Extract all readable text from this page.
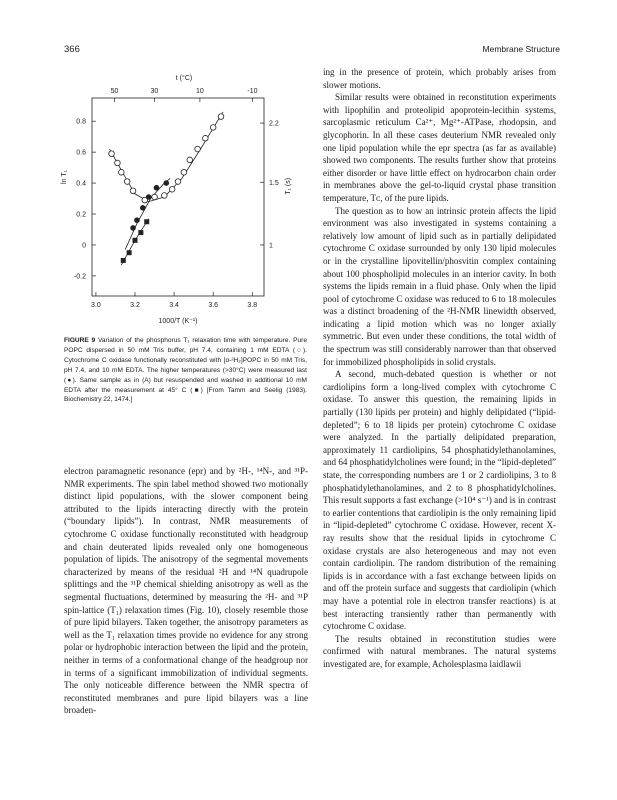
366	Membrane Structure
3.0	3.2	3.4	3.6	3.8
1000/T (K⁻¹)
50	30	10	-10
t (°C)
0.8
0.6
0.4
0.2
0
-0.2
ln T₁
2.2
1.5
1
T₁ (s)
FIGURE 9 Variation of the phosphorus T₁ relaxation time with temperature. Pure POPC dispersed in 50 mM Tris buffer, pH 7.4, containing 1 mM EDTA (○). Cytochrome C oxidase functionally reconstituted with [α-²H₂]POPC in 50 mM Tris, pH 7.4, and 10 mM EDTA. The higher temperatures (>30°C) were measured last (●). Same sample as in (A) but resuspended and washed in additional 10 mM EDTA after the measurement at 45° C (■) [From Tamm and Seelig (1983). Biochemistry 22, 1474.]

electron paramagnetic resonance (epr) and by ²H-, ¹⁴N-, and ³¹P-NMR experiments. The spin label method showed two motionally distinct lipid populations, with the slower component being attributed to the lipids interacting directly with the protein (“boundary lipids”). In contrast, NMR measurements of cytochrome C oxidase functionally reconstituted with headgroup and chain deuterated lipids revealed only one homogeneous population of lipids. The anisotropy of the segmental movements characterized by means of the residual ²H and ¹⁴N quadrupole splittings and the ³¹P chemical shielding anisotropy as well as the segmental fluctuations, determined by measuring the ²H- and ³¹P spin-lattice (T₁) relaxation times (Fig. 10), closely resemble those of pure lipid bilayers. Taken together, the anisotropy parameters as well as the T₁ relaxation times provide no evidence for any strong polar or hydrophobic interaction between the lipid and the protein, neither in terms of a conformational change of the headgroup nor in terms of a significant immobilization of individual segments. The only noticeable difference between the NMR spectra of reconstituted membranes and pure lipid bilayers was a line broaden-

ing in the presence of protein, which probably arises from slower motions.

Similar results were obtained in reconstitution experiments with lipophilin and proteolipid apoprotein-lecithin systems, sarcoplasmic reticulum Ca²⁺, Mg²⁺-ATPase, rhodopsin, and glycophorin. In all these cases deuterium NMR revealed only one lipid population while the epr spectra (as far as available) showed two components. The results further show that proteins either disorder or have little effect on hydrocarbon chain order in membranes above the gel-to-liquid crystal phase transition temperature, Tᴄ, of the pure lipids.

The question as to how an intrinsic protein affects the lipid environment was also investigated in systems containing a relatively low amount of lipid such as in partially delipidated cytochrome C oxidase surrounded by only 130 lipid molecules or in the crystalline lipovitellin/phosvitin complex containing about 100 phospholipid molecules in an interior cavity. In both systems the lipids remain in a fluid phase. Only when the lipid pool of cytochrome C oxidase was reduced to 6 to 18 molecules was a distinct broadening of the ²H-NMR linewidth observed, indicating a lipid motion which was no longer axially symmetric. But even under these conditions, the total width of the spectrum was still considerably narrower than that observed for immobilized phospholipids in solid crystals.

A second, much-debated question is whether or not cardiolipins form a long-lived complex with cytochrome C oxidase. To answer this question, the remaining lipids in partially (130 lipids per protein) and highly delipidated (“lipid-depleted”; 6 to 18 lipids per protein) cytochrome C oxidase were analyzed. In the partially delipidated preparation, approximately 11 cardiolipins, 54 phosphatidylethanolamines, and 64 phosphatidylcholines were found; in the “lipid-depleted” state, the corresponding numbers are 1 or 2 cardiolipins, 3 to 8 phosphatidylethanolamines, and 2 to 8 phosphatidylcholines. This result supports a fast exchange (>10⁴ s⁻¹) and is in contrast to earlier contentions that cardiolipin is the only remaining lipid in “lipid-depleted” cytochrome C oxidase. However, recent X-ray results show that the residual lipids in cytochrome C oxidase crystals are also heterogeneous and may not even contain cardiolipin. The random distribution of the remaining lipids is in accordance with a fast exchange between lipids on and off the protein surface and suggests that cardiolipin (which may have a potential role in electron transfer reactions) is at best interacting transiently rather than permanently with cytochrome C oxidase.

The results obtained in reconstitution studies were confirmed with natural membranes. The natural systems investigated are, for example, Acholesplasma laidlawii
